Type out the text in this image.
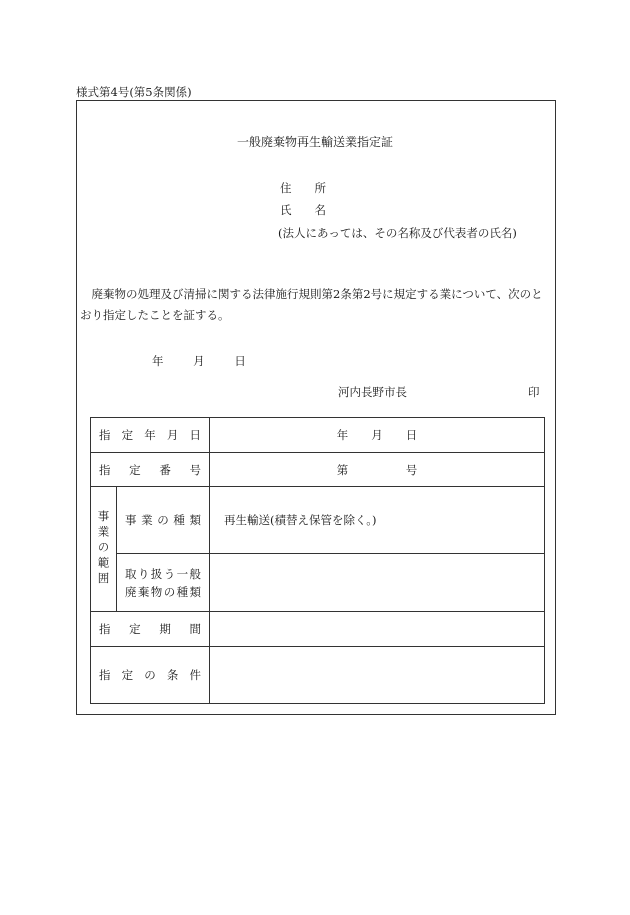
様式第4号(第5条関係)
一般廃棄物再生輸送業指定証
住　　所
氏　　名
(法人にあっては、その名称及び代表者の氏名)
　廃棄物の処理及び清掃に関する法律施行規則第2条第2号に規定する業について、次のとおり指定したことを証する。
年	月	日
河内長野市長	印
指 定 年 月 日		年　　月　　日
指 定 番 号		第　　　　　号

事業の範囲	事 業 の 種 類	再生輸送(積替え保管を除く。)

	取り扱う一般
廃棄物の種類	

指 定 期 間		
指 定 の 条 件		
